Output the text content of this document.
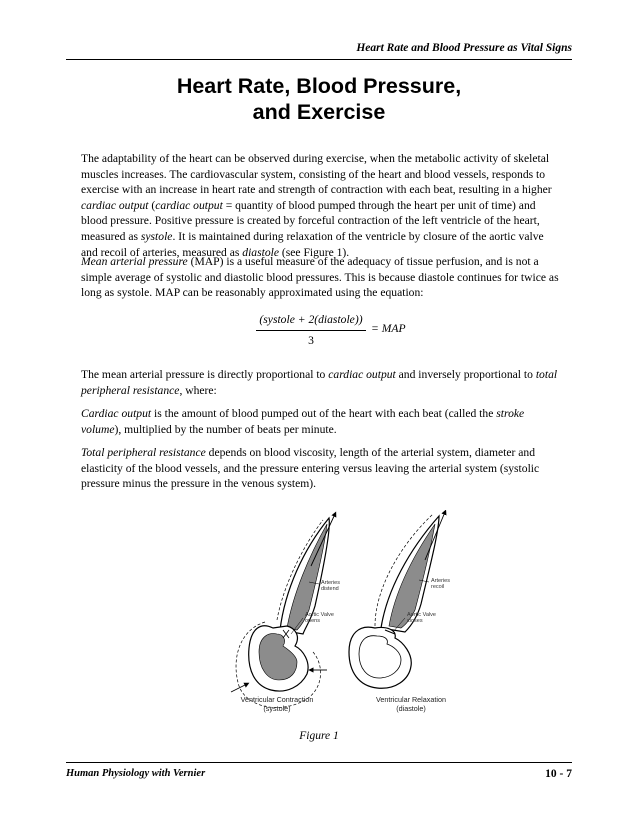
Heart Rate and Blood Pressure as Vital Signs
Heart Rate, Blood Pressure,
and Exercise

The adaptability of the heart can be observed during exercise, when the metabolic activity of skeletal muscles increases. The cardiovascular system, consisting of the heart and blood vessels, responds to exercise with an increase in heart rate and strength of contraction with each beat, resulting in a higher cardiac output (cardiac output = quantity of blood pumped through the heart per unit of time) and blood pressure. Positive pressure is created by forceful contraction of the left ventricle of the heart, measured as systole. It is maintained during relaxation of the ventricle by closure of the aortic valve and recoil of arteries, measured as diastole (see Figure 1).

Mean arterial pressure (MAP) is a useful measure of the adequacy of tissue perfusion, and is not a simple average of systolic and diastolic blood pressures. This is because diastole continues for twice as long as systole. MAP can be reasonably approximated using the equation:

(systole + 2(diastole))
3
= MAP

The mean arterial pressure is directly proportional to cardiac output and inversely proportional to total peripheral resistance, where:

Cardiac output is the amount of blood pumped out of the heart with each beat (called the stroke volume), multiplied by the number of beats per minute.

Total peripheral resistance depends on blood viscosity, length of the arterial system, diameter and elasticity of the blood vessels, and the pressure entering versus leaving the arterial system (systolic pressure minus the pressure in the venous system).

Arteries
distend
Aortic Valve
opens
Ventricular Contraction
(systole)
Arteries
recoil
Aortic Valve
closes
Ventricular Relaxation
(diastole)
Figure 1
Human Physiology with Vernier	10 - 7
